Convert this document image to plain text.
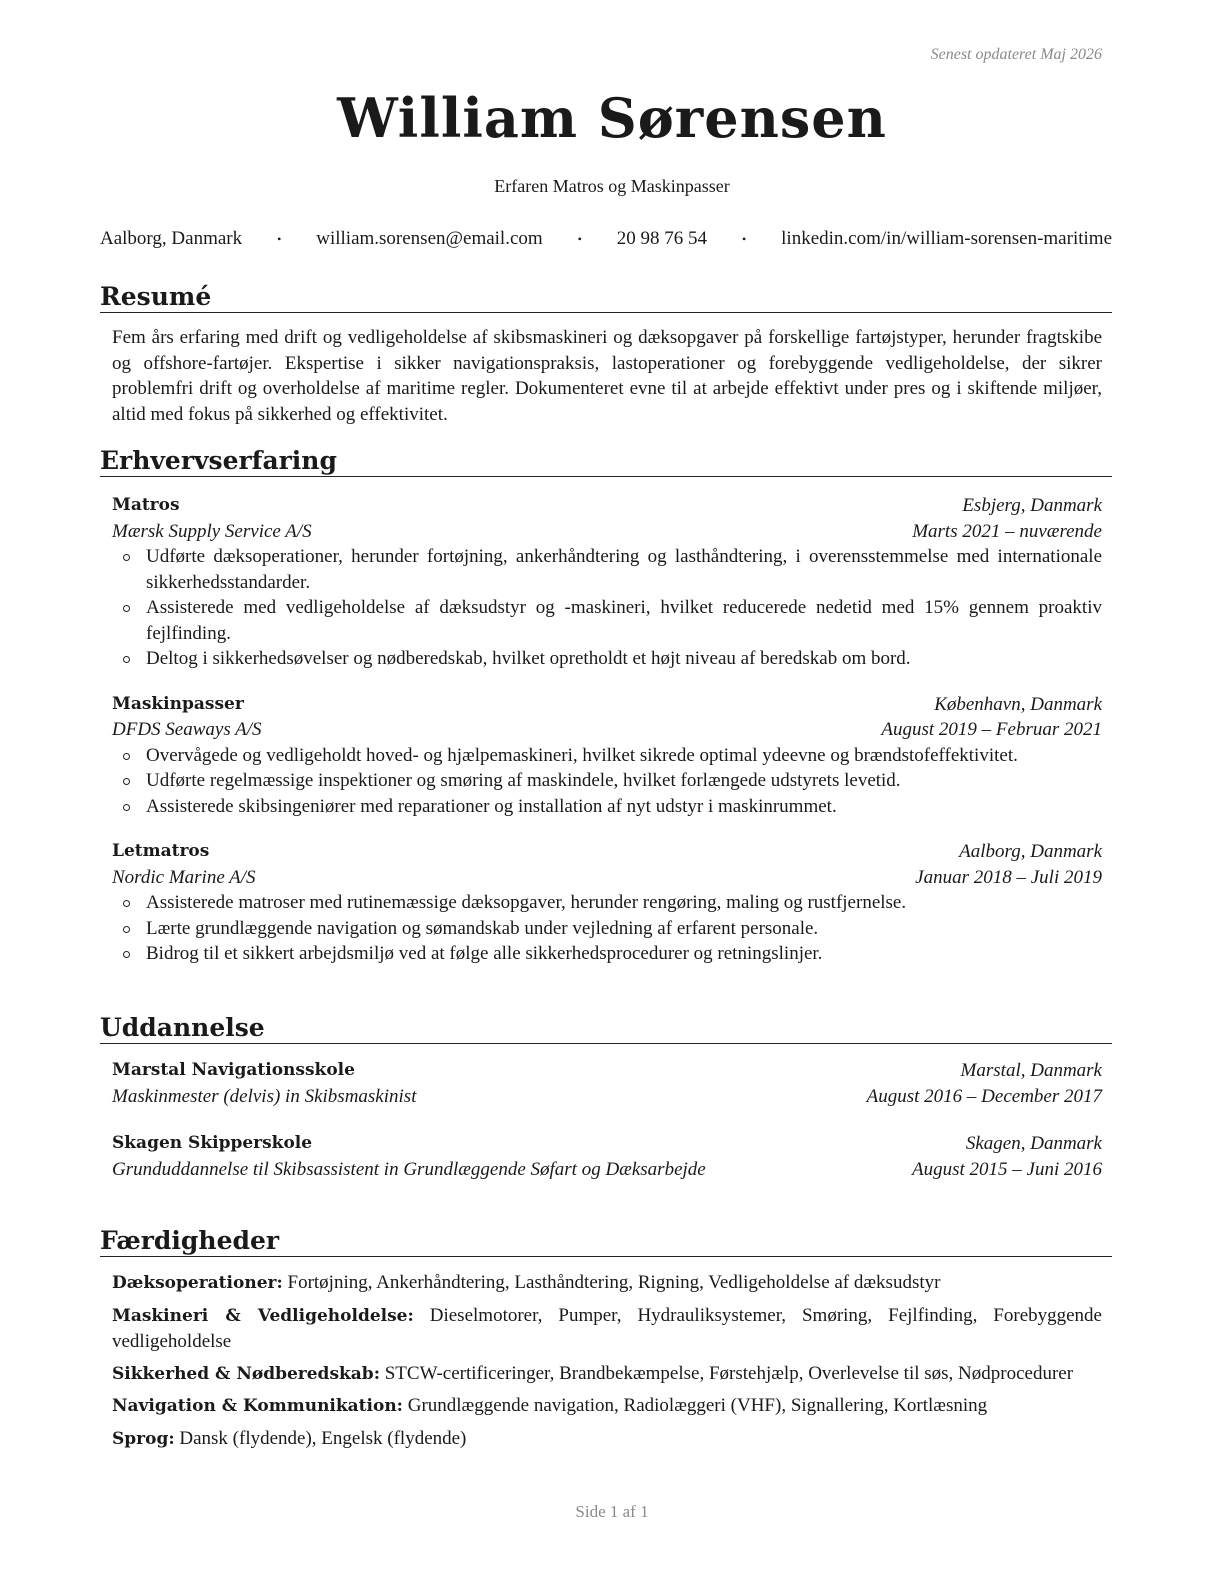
Senest opdateret Maj 2026
William Sørensen
Erfaren Matros og Maskinpasser
Aalborg, Danmark	• william.sorensen@email.com	• 20 98 76 54	• linkedin.com/in/william-sorensen-maritime
Resumé
Fem års erfaring med drift og vedligeholdelse af skibsmaskineri og dæksopgaver på forskellige fartøjstyper, herunder fragtskibe og offshore-fartøjer. Ekspertise i sikker navigationspraksis, lastoperationer og forebyggende vedligeholdelse, der sikrer problemfri drift og overholdelse af maritime regler. Dokumenteret evne til at arbejde effektivt under pres og i skiftende miljøer, altid med fokus på sikkerhed og effektivitet.
Erhvervserfaring
Matros	Esbjerg, Danmark
Mærsk Supply Service A/S	Marts 2021 – nuværende
Udførte dæksoperationer, herunder fortøjning, ankerhåndtering og lasthåndtering, i overensstemmelse med internationale sikkerhedsstandarder.
Assisterede med vedligeholdelse af dæksudstyr og -maskineri, hvilket reducerede nedetid med 15% gennem proaktiv fejlfinding.
Deltog i sikkerhedsøvelser og nødberedskab, hvilket opretholdt et højt niveau af beredskab om bord.
Maskinpasser	København, Danmark
DFDS Seaways A/S	August 2019 – Februar 2021
Overvågede og vedligeholdt hoved- og hjælpemaskineri, hvilket sikrede optimal ydeevne og brændstofeffektivitet.
Udførte regelmæssige inspektioner og smøring af maskindele, hvilket forlængede udstyrets levetid.
Assisterede skibsingeniører med reparationer og installation af nyt udstyr i maskinrummet.
Letmatros	Aalborg, Danmark
Nordic Marine A/S	Januar 2018 – Juli 2019
Assisterede matroser med rutinemæssige dæksopgaver, herunder rengøring, maling og rustfjernelse.
Lærte grundlæggende navigation og sømandskab under vejledning af erfarent personale.
Bidrog til et sikkert arbejdsmiljø ved at følge alle sikkerhedsprocedurer og retningslinjer.
Uddannelse
Marstal Navigationsskole	Marstal, Danmark
Maskinmester (delvis) in Skibsmaskinist	August 2016 – December 2017
Skagen Skipperskole	Skagen, Danmark
Grunduddannelse til Skibsassistent in Grundlæggende Søfart og Dæksarbejde	August 2015 – Juni 2016
Færdigheder
Dæksoperationer: Fortøjning, Ankerhåndtering, Lasthåndtering, Rigning, Vedligeholdelse af dæksudstyr
Maskineri & Vedligeholdelse: Dieselmotorer, Pumper, Hydrauliksystemer, Smøring, Fejlfinding, Forebyggende vedligeholdelse
Sikkerhed & Nødberedskab: STCW-certificeringer, Brandbekæmpelse, Førstehjælp, Overlevelse til søs, Nødprocedurer
Navigation & Kommunikation: Grundlæggende navigation, Radiolæggeri (VHF), Signallering, Kortlæsning
Sprog: Dansk (flydende), Engelsk (flydende)
Side 1 af 1
